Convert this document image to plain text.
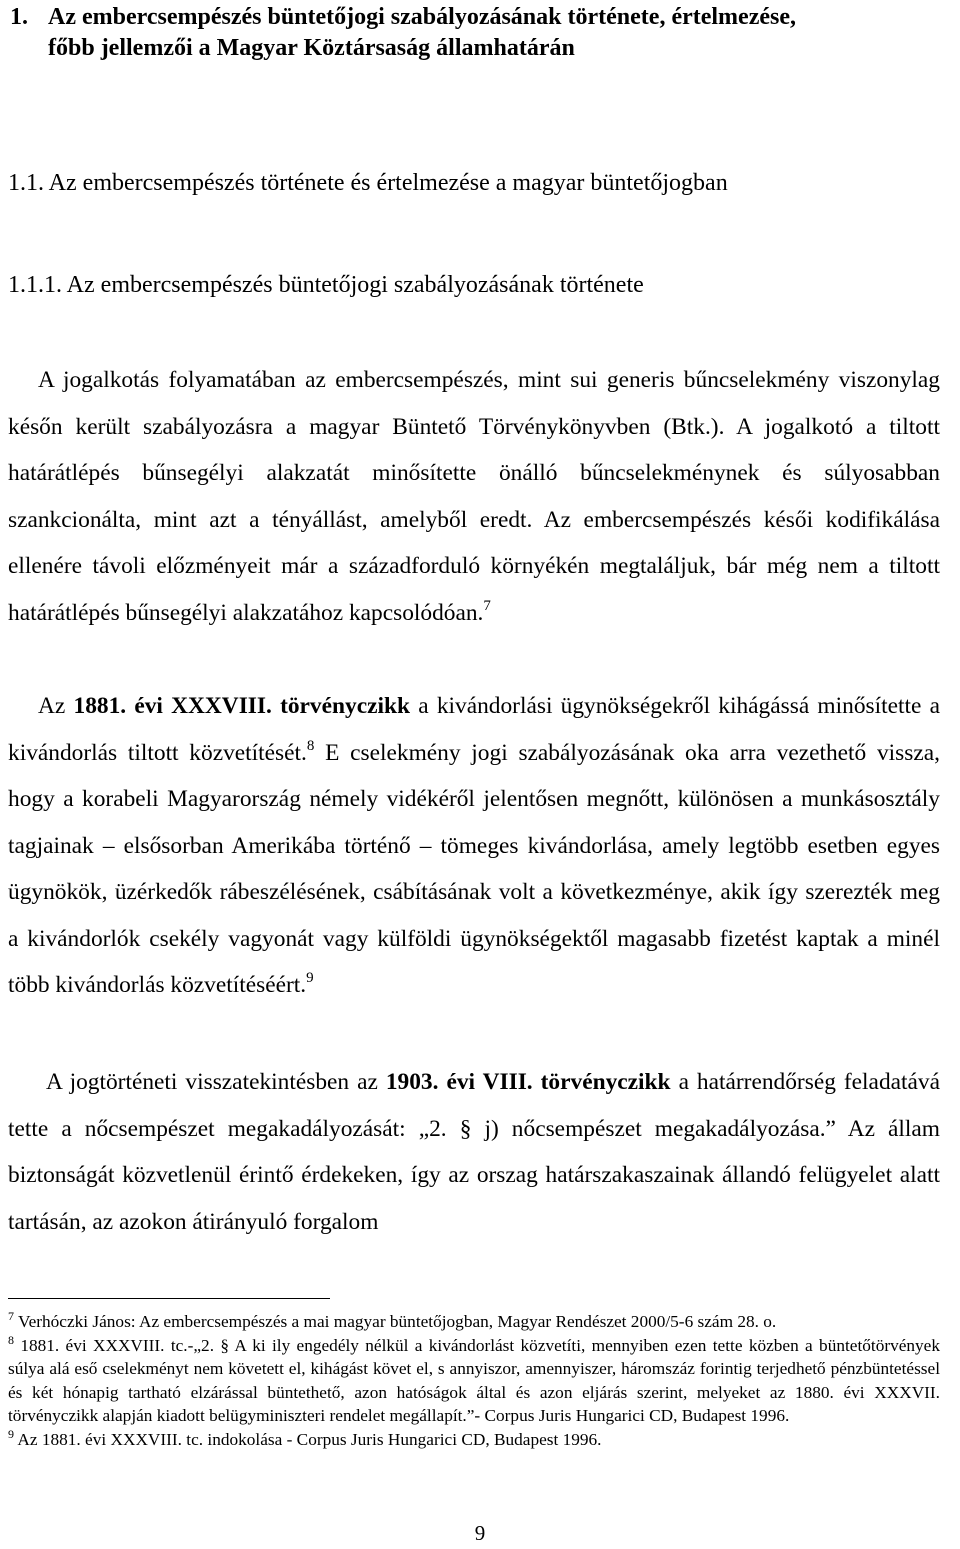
1. Az embercsempészés büntetőjogi szabályozásának története, értelmezése,
főbb jellemzői a Magyar Köztársaság államhatárán
1.1. Az embercsempészés története és értelmezése a magyar büntetőjogban
1.1.1. Az embercsempészés büntetőjogi szabályozásának története
A jogalkotás folyamatában az embercsempészés, mint sui generis bűncselekmény viszonylag későn került szabályozásra a magyar Büntető Törvénykönyvben (Btk.). A jogalkotó a tiltott határátlépés bűnsegélyi alakzatát minősítette önálló bűncselekménynek és súlyosabban szankcionálta, mint azt a tényállást, amelyből eredt. Az embercsempészés késői kodifikálása ellenére távoli előzményeit már a századforduló környékén megtaláljuk, bár még nem a tiltott határátlépés bűnsegélyi alakzatához kapcsolódóan.$^7$
Az 1881. évi XXXVIII. törvényczikk a kivándorlási ügynökségekről kihágássá minősítette a kivándorlás tiltott közvetítését.$^8$ E cselekmény jogi szabályozásának oka arra vezethető vissza, hogy a korabeli Magyarország némely vidékéről jelentősen megnőtt, különösen a munkásosztály tagjainak – elsősorban Amerikába történő – tömeges kivándorlása, amely legtöbb esetben egyes ügynökök, üzérkedők rábeszélésének, csábításának volt a következménye, akik így szerezték meg a kivándorlók csekély vagyonát vagy külföldi ügynökségektől magasabb fizetést kaptak a minél több kivándorlás közvetítéséért.$^9$
A jogtörténeti visszatekintésben az 1903. évi VIII. törvényczikk a határrendőrség feladatává tette a nőcsempészet megakadályozását: „2. § j) nőcsempészet megakadályozása.” Az állam biztonságát közvetlenül érintő érdekeken, így az orszag határszakaszainak állandó felügyelet alatt tartásán, az azokon átirányuló forgalom

$^7$ Verhóczki János: Az embercsempészés a mai magyar büntetőjogban, Magyar Rendészet 2000/5-6 szám 28. o.

$^8$ 1881. évi XXXVIII. tc.-„2. § A ki ily engedély nélkül a kivándorlást közvetíti, mennyiben ezen tette közben a büntetőtörvények súlya alá eső cselekményt nem követett el, kihágást követ el, s annyiszor, amennyiszer, háromszáz forintig terjedhető pénzbüntetéssel és két hónapig tartható elzárással büntethető, azon hatóságok által és azon eljárás szerint, melyeket az 1880. évi XXXVII. törvényczikk alapján kiadott belügyminiszteri rendelet megállapít.”- Corpus Juris Hungarici CD, Budapest 1996.

$^9$ Az 1881. évi XXXVIII. tc. indokolása - Corpus Juris Hungarici CD, Budapest 1996.

9
